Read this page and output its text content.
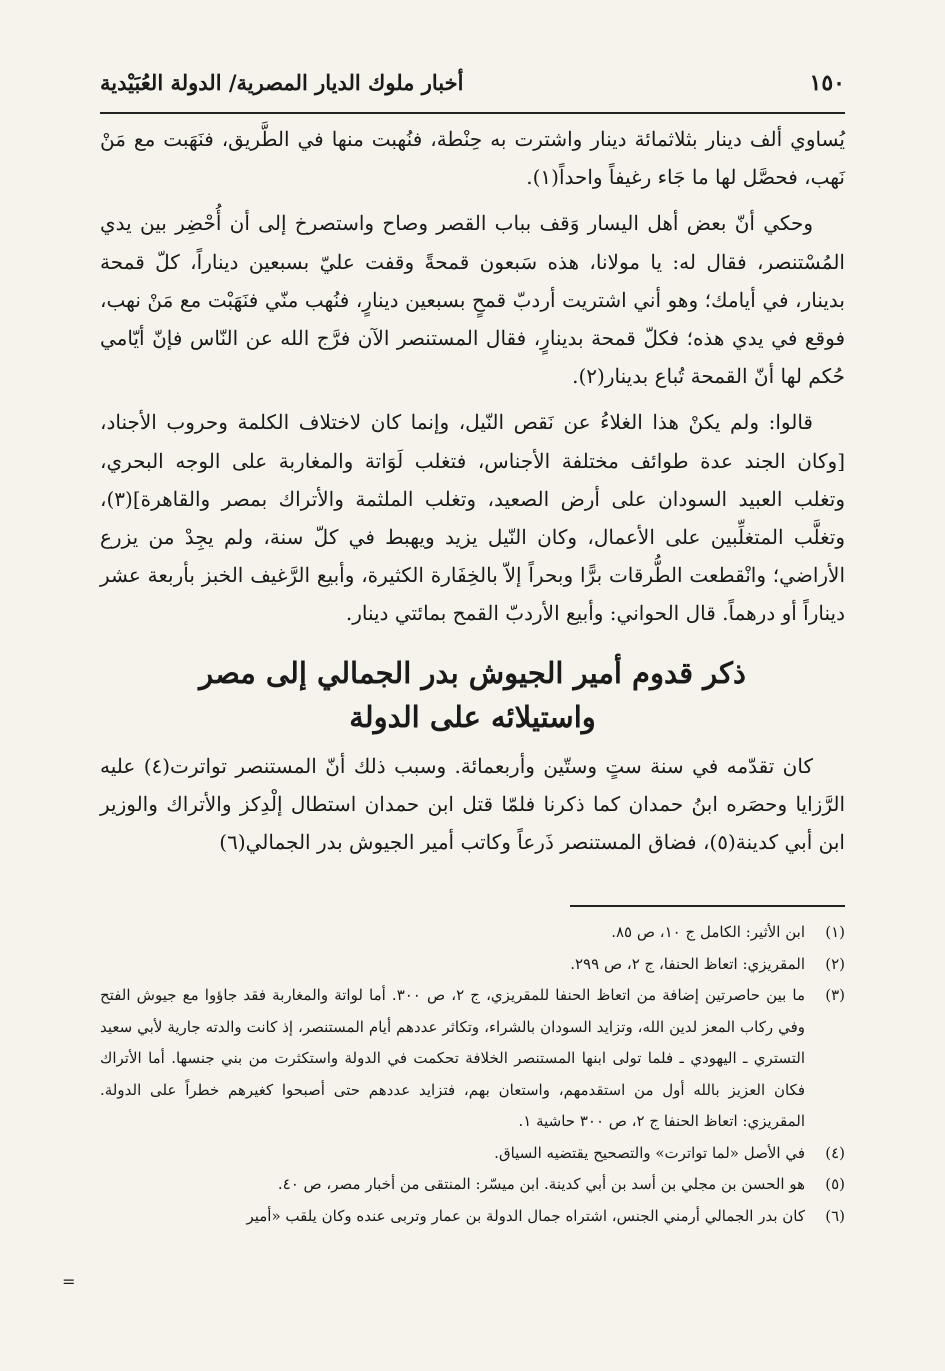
١٥٠
أخبار ملوك الديار المصرية/ الدولة العُبَيْدية

يُساوي ألف دينار بثلاثمائة دينار واشترت به حِنْطة، فنُهبت منها في الطَّريق، فنَهَبت مع مَنْ نَهب، فحصَّل لها ما جَاء رغيفاً واحداً(١).

وحكي أنّ بعض أهل اليسار وَقف بباب القصر وصاح واستصرخ إلى أن أُحْضِر بين يدي المُسْتنصر، فقال له: يا مولانا، هذه سَبعون قمحةً وقفت عليّ بسبعين ديناراً، كلّ قمحة بدينار، في أيامك؛ وهو أني اشتريت أردبّ قمحٍ بسبعين دينارٍ، فنُهب منّي فنَهَبْت مع مَنْ نهب، فوقع في يدي هذه؛ فكلّ قمحة بدينارٍ، فقال المستنصر الآن فرَّج الله عن النّاس فإنّ أيّامي حُكم لها أنّ القمحة تُباع بدينار(٢).

قالوا: ولم يكنْ هذا الغلاءُ عن نَقص النّيل، وإنما كان لاختلاف الكلمة وحروب الأجناد، [وكان الجند عدة طوائف مختلفة الأجناس، فتغلب لَوَاتة والمغاربة على الوجه البحري، وتغلب العبيد السودان على أرض الصعيد، وتغلب الملثمة والأتراك بمصر والقاهرة](٣)، وتغلَّب المتغلِّبين على الأعمال، وكان النّيل يزيد ويهبط في كلّ سنة، ولم يجِدْ من يزرع الأراضي؛ وانْقطعت الطُّرقات برًّا وبحراً إلاّ بالخِفَارة الكثيرة، وأبيع الرَّغيف الخبز بأربعة عشر ديناراً أو درهماً. قال الحواني: وأبيع الأردبّ القمح بمائتي دينار.

ذكر قدوم أمير الجيوش بدر الجمالي إلى مصر
واستيلائه على الدولة

كان تقدّمه في سنة ستٍ وستّين وأربعمائة. وسبب ذلك أنّ المستنصر تواترت(٤) عليه الرَّزايا وحصَره ابنُ حمدان كما ذكرنا فلمّا قتل ابن حمدان استطال إلْدِكز والأتراك والوزير ابن أبي كدينة(٥)، فضاق المستنصر ذَرعاً وكاتب أمير الجيوش بدر الجمالي(٦)

(١)
ابن الأثير: الكامل ج ١٠، ص ٨٥.
(٢)
المقريزي: اتعاظ الحنفا، ج ٢، ص ٢٩٩.
(٣)
ما بين حاصرتين إضافة من اتعاظ الحنفا للمقريزي، ج ٢، ص ٣٠٠. أما لواتة والمغاربة فقد جاؤوا مع جيوش الفتح وفي ركاب المعز لدين الله، وتزايد السودان بالشراء، وتكاثر عددهم أيام المستنصر، إذ كانت والدته جارية لأبي سعيد التستري ـ اليهودي ـ فلما تولى ابنها المستنصر الخلافة تحكمت في الدولة واستكثرت من بني جنسها. أما الأتراك فكان العزيز بالله أول من استقدمهم، واستعان بهم، فتزايد عددهم حتى أصبحوا كغيرهم خطراً على الدولة. المقريزي: اتعاظ الحنفا ج ٢، ص ٣٠٠ حاشية ١.
(٤)
في الأصل «لما تواترت» والتصحيح يقتضيه السياق.
(٥)
هو الحسن بن مجلي بن أسد بن أبي كدينة. ابن ميسّر: المنتقى من أخبار مصر، ص ٤٠.
(٦)
كان بدر الجمالي أرمني الجنس، اشتراه جمال الدولة بن عمار وتربى عنده وكان يلقب «أمير
=
